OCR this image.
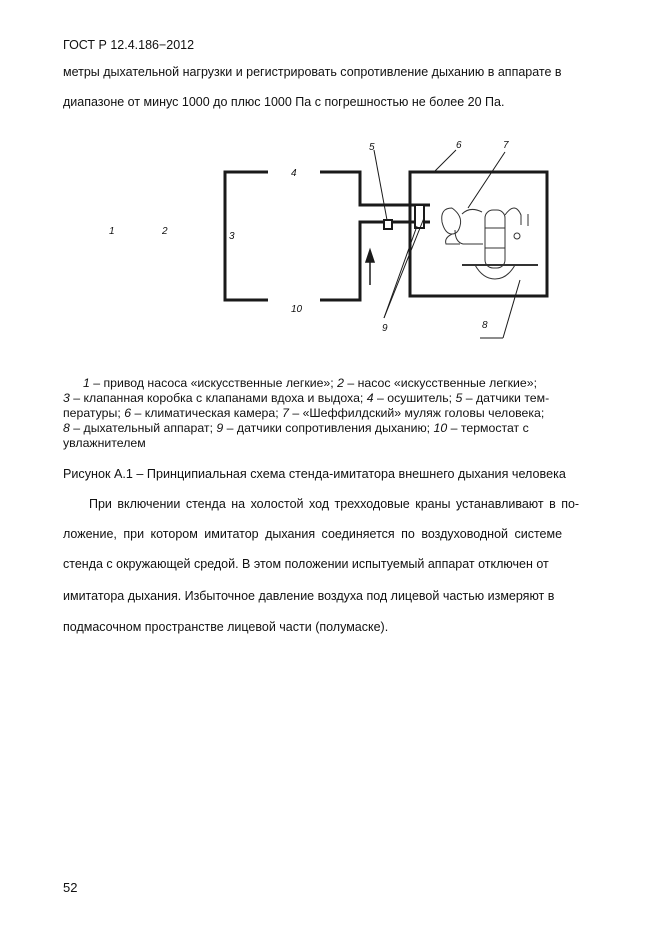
ГОСТ Р 12.4.186−2012
метры дыхательной нагрузки и регистрировать сопротивление дыханию в аппарате в
диапазоне от минус 1000 до плюс 1000 Па с погрешностью не более 20 Па.
1	2	3
4
5	6	7
8
9
10
1 – привод насоса «искусственные легкие»; 2 – насос «искусственные легкие»;
3 – клапанная коробка с клапанами вдоха и выдоха; 4 – осушитель; 5 – датчики тем-
пературы; 6 – климатическая камера; 7 – «Шеффилдский» муляж головы человека;
8 – дыхательный аппарат; 9 – датчики сопротивления дыханию; 10 – термостат с
увлажнителем
Рисунок А.1 – Принципиальная схема стенда-имитатора внешнего дыхания человека
При включении стенда на холостой ход трехходовые краны устанавливают в по-
ложение, при котором имитатор дыхания соединяется по воздуховодной системе
стенда с окружающей средой. В этом положении испытуемый аппарат отключен от
имитатора дыхания. Избыточное давление воздуха под лицевой частью измеряют в
подмасочном пространстве лицевой части (полумаске).
52
